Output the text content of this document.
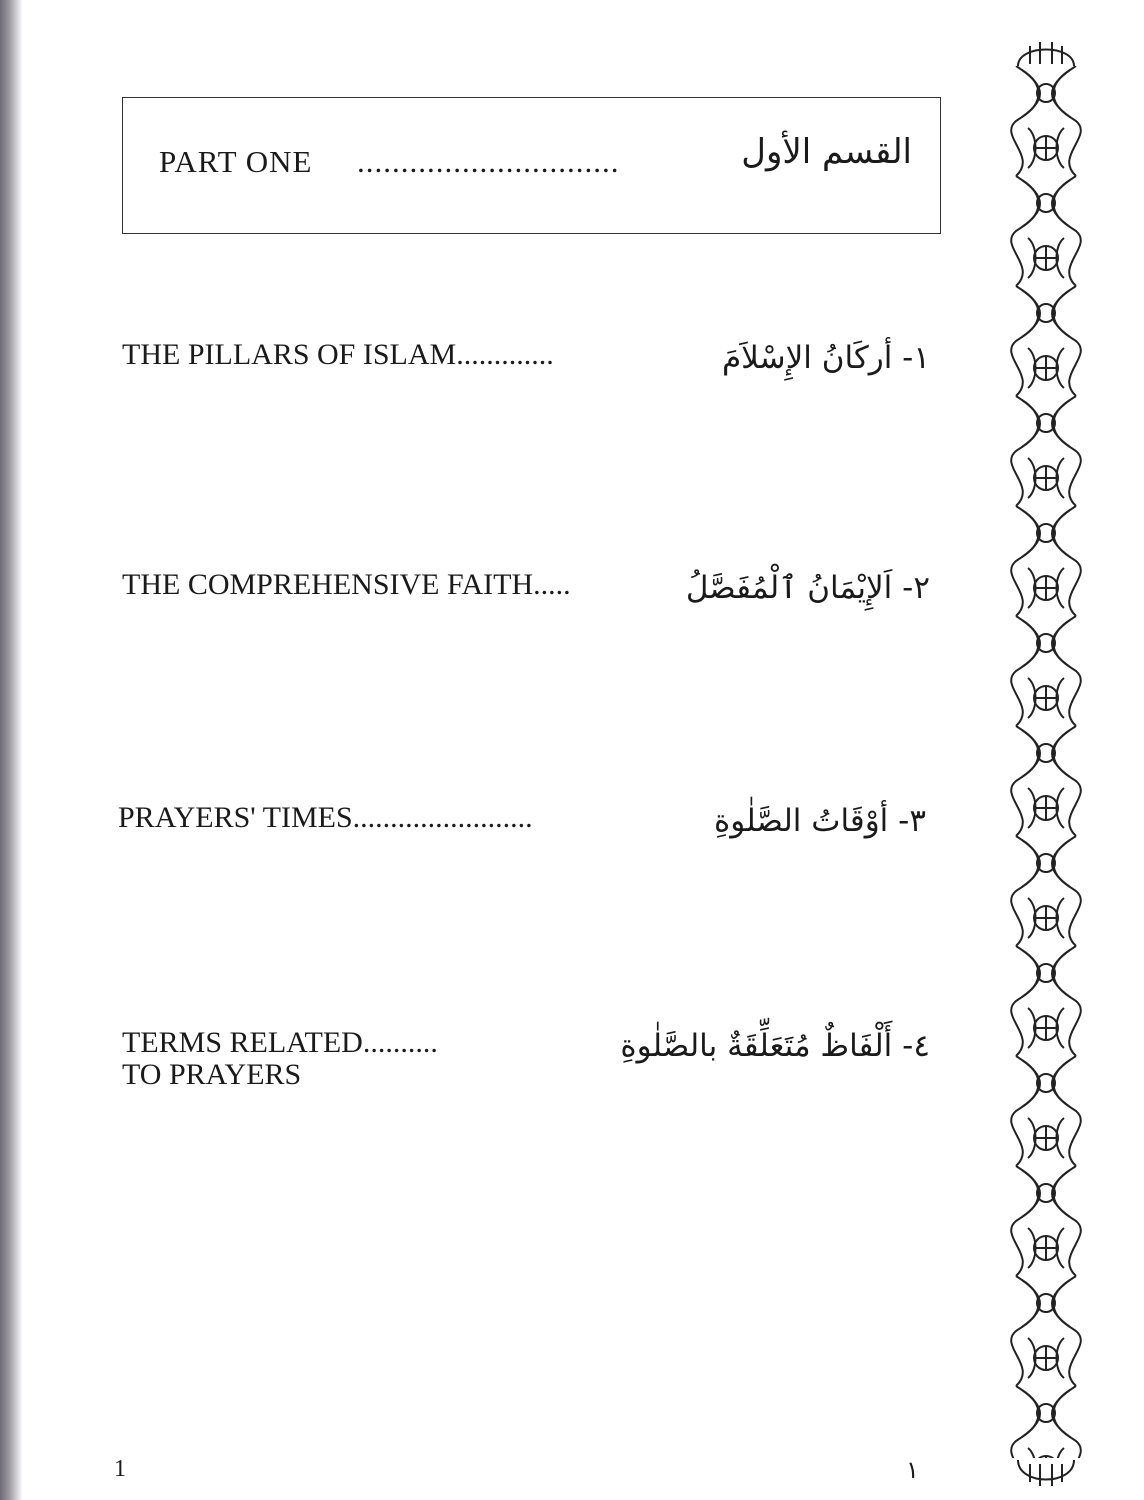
PART ONE ..............................	القسم الأول
THE PILLARS OF ISLAM.............	١- أركَانُ الإِسْلاَمَ
THE COMPREHENSIVE FAITH.....	٢- اَلإِيْمَانُ ٱلْمُفَصَّلُ
PRAYERS' TIMES........................	٣- أوْقَاتُ الصَّلٰوةِ
TERMS RELATED..........	٤- أَلْفَاظٌ مُتَعَلِّقَةٌ بالصَّلٰوةِ
TO PRAYERS
1	١
